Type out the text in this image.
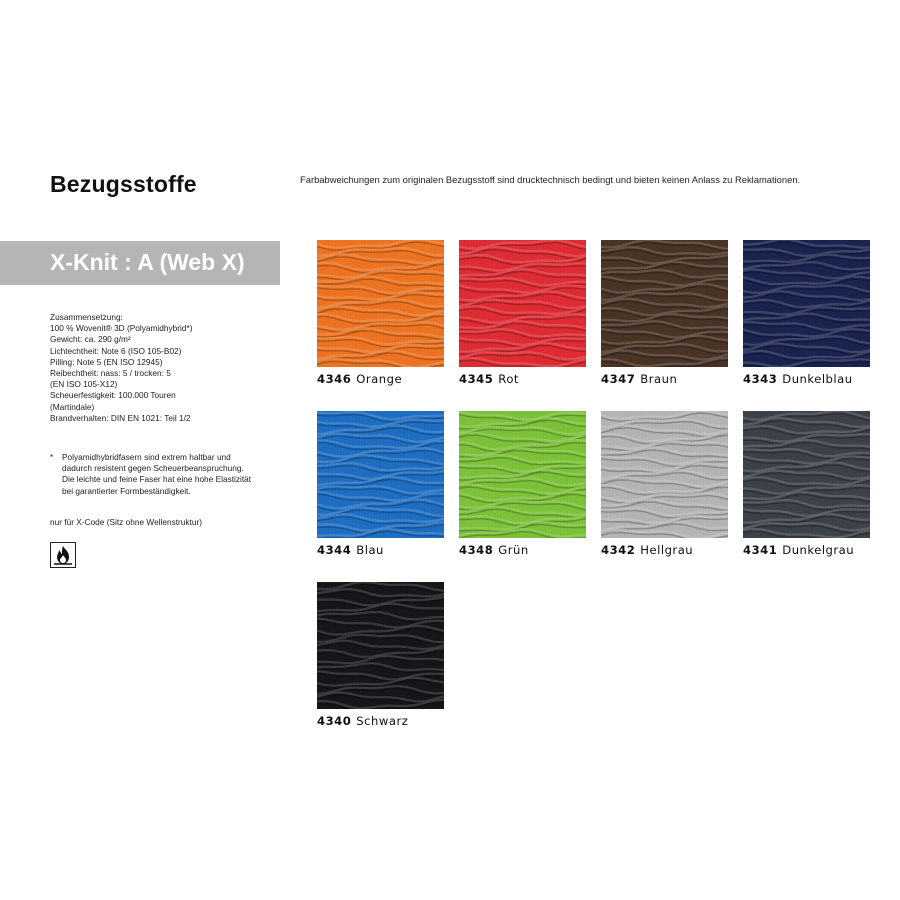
Bezugsstoffe	Farbabweichungen zum originalen Bezugsstoff sind drucktechnisch bedingt und bieten keinen Anlass zu Reklamationen.
X-Knit : A (Web X)
Zusammensetzung:
100 % Wovenit® 3D (Polyamidhybrid*)
Gewicht: ca. 290 g/m²
Lichtechtheit: Note 6 (ISO 105-B02)
Pilling: Note 5 (EN ISO 12945)
Reibechtheit: nass: 5 / trocken: 5
(EN ISO 105-X12)
Scheuerfestigkeit: 100.000 Touren
(Martindale)
Brandverhalten: DIN EN 1021: Teil 1/2
*	Polyamidhybridfasern sind extrem haltbar und
dadurch resistent gegen Scheuerbeanspruchung.
Die leichte und feine Faser hat eine hohe Elastizität
bei garantierter Formbeständigkeit.
nur für X-Code (Sitz ohne Wellenstruktur)
4346 Orange	4345 Rot	4347 Braun	4343 Dunkelblau
4344 Blau	4348 Grün	4342 Hellgrau	4341 Dunkelgrau
4340 Schwarz
